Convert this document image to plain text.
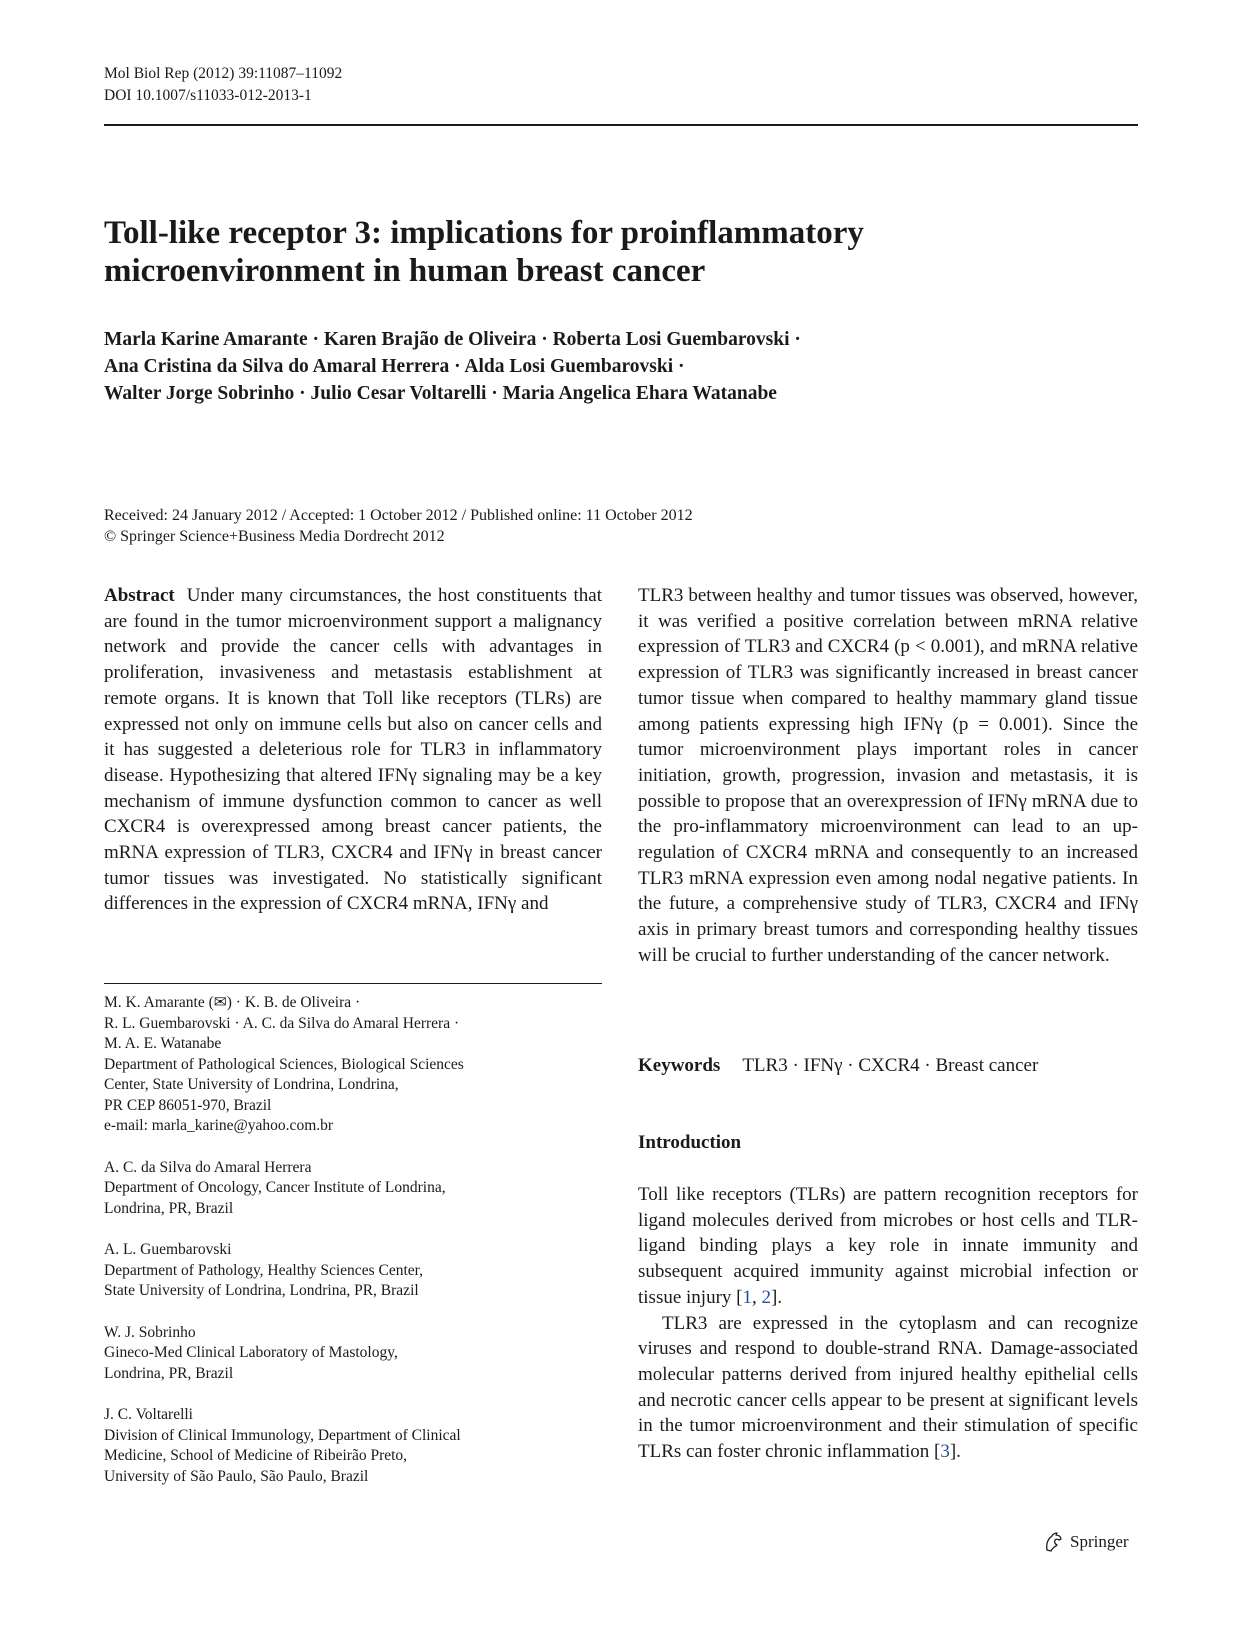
Mol Biol Rep (2012) 39:11087–11092
DOI 10.1007/s11033-012-2013-1
Toll-like receptor 3: implications for proinflammatory
microenvironment in human breast cancer
Marla Karine Amarante · Karen Brajão de Oliveira · Roberta Losi Guembarovski ·
Ana Cristina da Silva do Amaral Herrera · Alda Losi Guembarovski ·
Walter Jorge Sobrinho · Julio Cesar Voltarelli · Maria Angelica Ehara Watanabe
Received: 24 January 2012 / Accepted: 1 October 2012 / Published online: 11 October 2012
© Springer Science+Business Media Dordrecht 2012

Abstract Under many circumstances, the host constituents that are found in the tumor microenvironment support a malignancy network and provide the cancer cells with advantages in proliferation, invasiveness and metastasis establishment at remote organs. It is known that Toll like receptors (TLRs) are expressed not only on immune cells but also on cancer cells and it has suggested a deleterious role for TLR3 in inflammatory disease. Hypothesizing that altered IFNγ signaling may be a key mechanism of immune dysfunction common to cancer as well CXCR4 is overexpressed among breast cancer patients, the mRNA expression of TLR3, CXCR4 and IFNγ in breast cancer tumor tissues was investigated. No statistically significant differences in the expression of CXCR4 mRNA, IFNγ and

TLR3 between healthy and tumor tissues was observed, however, it was verified a positive correlation between mRNA relative expression of TLR3 and CXCR4 (p < 0.001), and mRNA relative expression of TLR3 was significantly increased in breast cancer tumor tissue when compared to healthy mammary gland tissue among patients expressing high IFNγ (p = 0.001). Since the tumor microenvironment plays important roles in cancer initiation, growth, progression, invasion and metastasis, it is possible to propose that an overexpression of IFNγ mRNA due to the pro-inflammatory microenvironment can lead to an up-regulation of CXCR4 mRNA and consequently to an increased TLR3 mRNA expression even among nodal negative patients. In the future, a comprehensive study of TLR3, CXCR4 and IFNγ axis in primary breast tumors and corresponding healthy tissues will be crucial to further understanding of the cancer network.

M. K. Amarante (✉) · K. B. de Oliveira ·
R. L. Guembarovski · A. C. da Silva do Amaral Herrera ·
M. A. E. Watanabe
Department of Pathological Sciences, Biological Sciences
Center, State University of Londrina, Londrina,
PR CEP 86051-970, Brazil
e-mail: marla_karine@yahoo.com.br
A. C. da Silva do Amaral Herrera
Department of Oncology, Cancer Institute of Londrina,
Londrina, PR, Brazil
A. L. Guembarovski
Department of Pathology, Healthy Sciences Center,
State University of Londrina, Londrina, PR, Brazil
W. J. Sobrinho
Gineco-Med Clinical Laboratory of Mastology,
Londrina, PR, Brazil
J. C. Voltarelli
Division of Clinical Immunology, Department of Clinical
Medicine, School of Medicine of Ribeirão Preto,
University of São Paulo, São Paulo, Brazil
Keywords TLR3 · IFNγ · CXCR4 · Breast cancer
Introduction

Toll like receptors (TLRs) are pattern recognition receptors for ligand molecules derived from microbes or host cells and TLR-ligand binding plays a key role in innate immunity and subsequent acquired immunity against microbial infection or tissue injury [1, 2].

TLR3 are expressed in the cytoplasm and can recognize viruses and respond to double-strand RNA. Damage-associated molecular patterns derived from injured healthy epithelial cells and necrotic cancer cells appear to be present at significant levels in the tumor microenvironment and their stimulation of specific TLRs can foster chronic inflammation [3].

Springer
